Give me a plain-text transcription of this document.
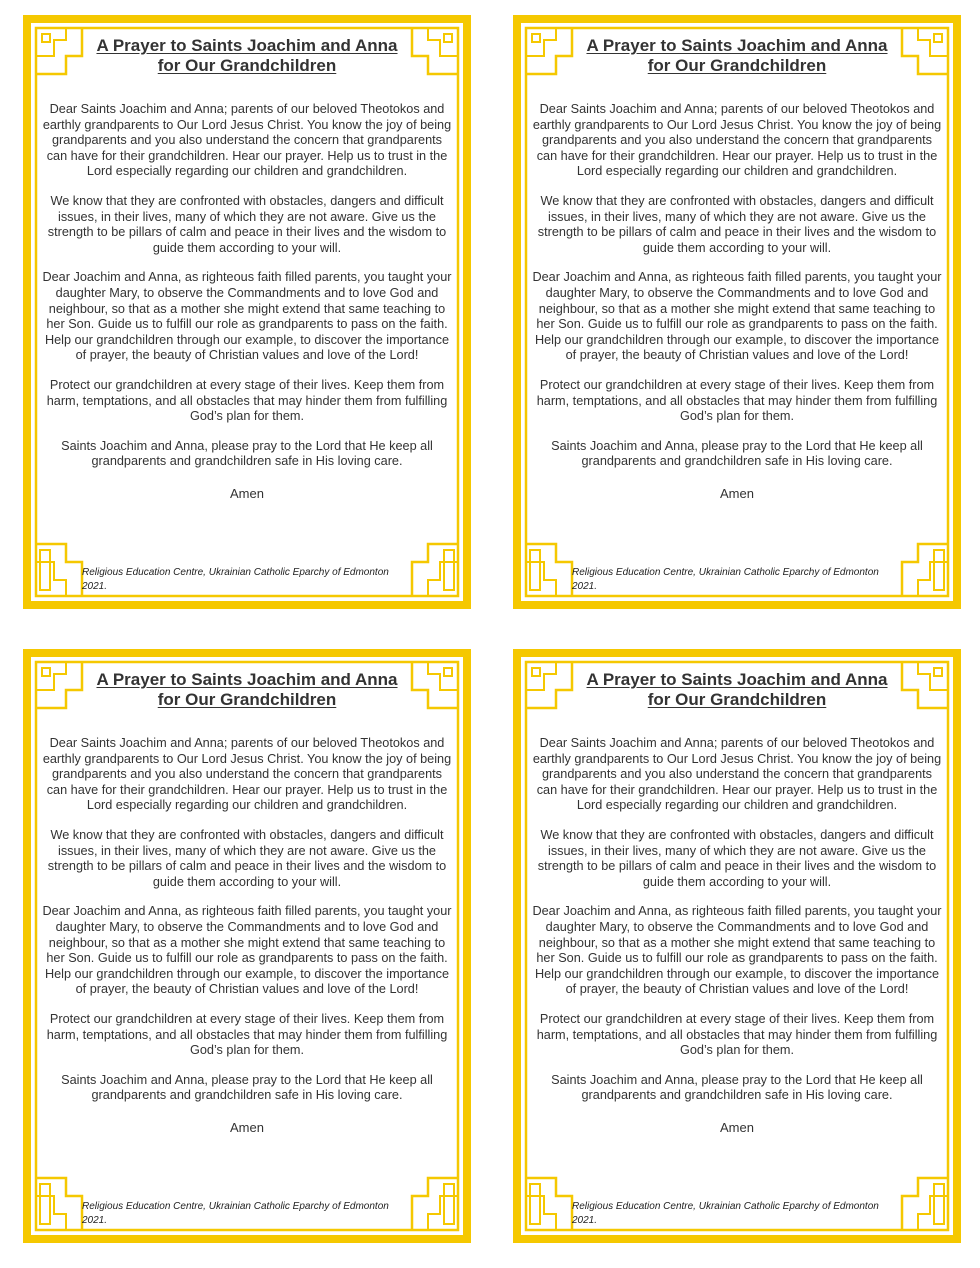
A Prayer to Saints Joachim and Anna
for Our Grandchildren

Dear Saints Joachim and Anna; parents of our beloved Theotokos and earthly grandparents to Our Lord Jesus Christ. You know the joy of being grandparents and you also understand the concern that grandparents can have for their grandchildren. Hear our prayer. Help us to trust in the Lord especially regarding our children and grandchildren.

We know that they are confronted with obstacles, dangers and difficult issues, in their lives, many of which they are not aware. Give us the strength to be pillars of calm and peace in their lives and the wisdom to guide them according to your will.

Dear Joachim and Anna, as righteous faith filled parents, you taught your daughter Mary, to observe the Commandments and to love God and neighbour, so that as a mother she might extend that same teaching to her Son. Guide us to fulfill our role as grandparents to pass on the faith. Help our grandchildren through our example, to discover the importance of prayer, the beauty of Christian values and love of the Lord!

Protect our grandchildren at every stage of their lives. Keep them from harm, temptations, and all obstacles that may hinder them from fulfilling God’s plan for them.

Saints Joachim and Anna, please pray to the Lord that He keep all grandparents and grandchildren safe in His loving care.

Amen

Religious Education Centre, Ukrainian Catholic Eparchy of Edmonton 2021.

A Prayer to Saints Joachim and Anna
for Our Grandchildren

Dear Saints Joachim and Anna; parents of our beloved Theotokos and earthly grandparents to Our Lord Jesus Christ. You know the joy of being grandparents and you also understand the concern that grandparents can have for their grandchildren. Hear our prayer. Help us to trust in the Lord especially regarding our children and grandchildren.

We know that they are confronted with obstacles, dangers and difficult issues, in their lives, many of which they are not aware. Give us the strength to be pillars of calm and peace in their lives and the wisdom to guide them according to your will.

Dear Joachim and Anna, as righteous faith filled parents, you taught your daughter Mary, to observe the Commandments and to love God and neighbour, so that as a mother she might extend that same teaching to her Son. Guide us to fulfill our role as grandparents to pass on the faith. Help our grandchildren through our example, to discover the importance of prayer, the beauty of Christian values and love of the Lord!

Protect our grandchildren at every stage of their lives. Keep them from harm, temptations, and all obstacles that may hinder them from fulfilling God’s plan for them.

Saints Joachim and Anna, please pray to the Lord that He keep all grandparents and grandchildren safe in His loving care.

Amen

Religious Education Centre, Ukrainian Catholic Eparchy of Edmonton 2021.

A Prayer to Saints Joachim and Anna
for Our Grandchildren

Dear Saints Joachim and Anna; parents of our beloved Theotokos and earthly grandparents to Our Lord Jesus Christ. You know the joy of being grandparents and you also understand the concern that grandparents can have for their grandchildren. Hear our prayer. Help us to trust in the Lord especially regarding our children and grandchildren.

We know that they are confronted with obstacles, dangers and difficult issues, in their lives, many of which they are not aware. Give us the strength to be pillars of calm and peace in their lives and the wisdom to guide them according to your will.

Dear Joachim and Anna, as righteous faith filled parents, you taught your daughter Mary, to observe the Commandments and to love God and neighbour, so that as a mother she might extend that same teaching to her Son. Guide us to fulfill our role as grandparents to pass on the faith. Help our grandchildren through our example, to discover the importance of prayer, the beauty of Christian values and love of the Lord!

Protect our grandchildren at every stage of their lives. Keep them from harm, temptations, and all obstacles that may hinder them from fulfilling God’s plan for them.

Saints Joachim and Anna, please pray to the Lord that He keep all grandparents and grandchildren safe in His loving care.

Amen

Religious Education Centre, Ukrainian Catholic Eparchy of Edmonton 2021.

A Prayer to Saints Joachim and Anna
for Our Grandchildren

Dear Saints Joachim and Anna; parents of our beloved Theotokos and earthly grandparents to Our Lord Jesus Christ. You know the joy of being grandparents and you also understand the concern that grandparents can have for their grandchildren. Hear our prayer. Help us to trust in the Lord especially regarding our children and grandchildren.

We know that they are confronted with obstacles, dangers and difficult issues, in their lives, many of which they are not aware. Give us the strength to be pillars of calm and peace in their lives and the wisdom to guide them according to your will.

Dear Joachim and Anna, as righteous faith filled parents, you taught your daughter Mary, to observe the Commandments and to love God and neighbour, so that as a mother she might extend that same teaching to her Son. Guide us to fulfill our role as grandparents to pass on the faith. Help our grandchildren through our example, to discover the importance of prayer, the beauty of Christian values and love of the Lord!

Protect our grandchildren at every stage of their lives. Keep them from harm, temptations, and all obstacles that may hinder them from fulfilling God’s plan for them.

Saints Joachim and Anna, please pray to the Lord that He keep all grandparents and grandchildren safe in His loving care.

Amen

Religious Education Centre, Ukrainian Catholic Eparchy of Edmonton 2021.
